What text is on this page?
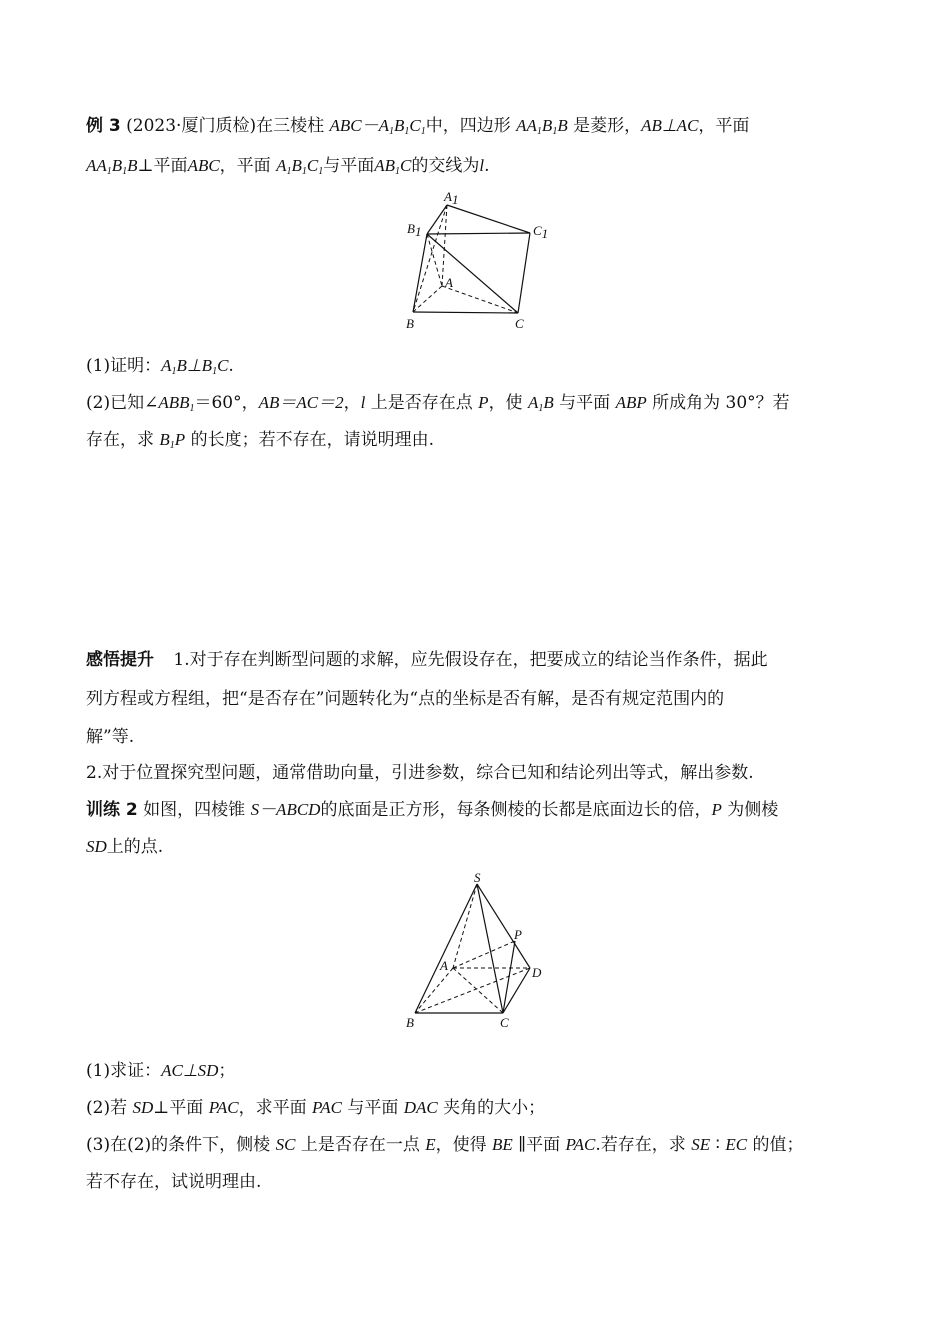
例 3 (2023·厦门质检)在三棱柱 $ABC-A_1B_1C_1$中，四边形 $AA_1B_1B$ 是菱形，AB⊥AC，平面
$AA_1B_1B\perp$平面ABC，平面 $A_1B_1C_1$与平面$AB_1C$的交线为l.
A1
B1	C1
A
B	C
(1)证明：$A_1B\perp B_1C$.
(2)已知$\angle ABB_1=60^\circ$，AB＝AC＝2，l 上是否存在点 P，使 $A_1B$ 与平面 ABP 所成角为 30°？若
存在，求 $B_1P$ 的长度；若不存在，请说明理由.
感悟提升 1.对于存在判断型问题的求解，应先假设存在，把要成立的结论当作条件，据此
列方程或方程组，把“是否存在”问题转化为“点的坐标是否有解，是否有规定范围内的
解”等.
2.对于位置探究型问题，通常借助向量，引进参数，综合已知和结论列出等式，解出参数.
训练 2 如图，四棱锥 S－ABCD的底面是正方形，每条侧棱的长都是底面边长的倍，P 为侧棱
SD上的点.
S
P
A	D
B	C
(1)求证：AC⊥SD；
(2)若 SD⊥平面 PAC，求平面 PAC 与平面 DAC 夹角的大小；
(3)在(2)的条件下，侧棱 SC 上是否存在一点 E，使得 BE ∥平面 PAC.若存在，求 SE ∶ EC 的值；
若不存在，试说明理由.
